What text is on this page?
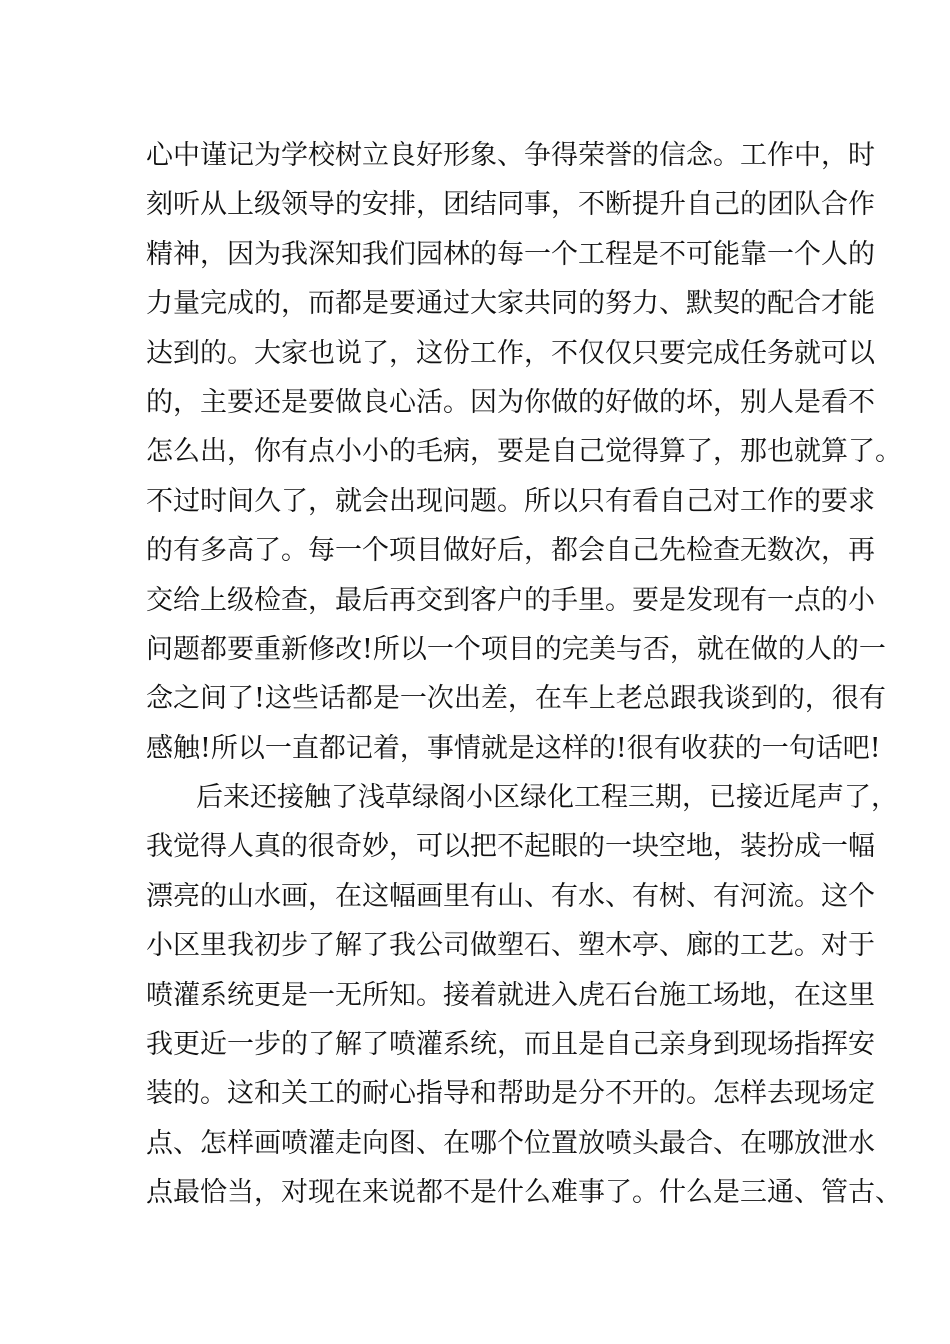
心中谨记为学校树立良好形象、争得荣誉的信念。工作中，时
刻听从上级领导的安排，团结同事，不断提升自己的团队合作
精神，因为我深知我们园林的每一个工程是不可能靠一个人的
力量完成的，而都是要通过大家共同的努力、默契的配合才能
达到的。大家也说了，这份工作，不仅仅只要完成任务就可以
的，主要还是要做良心活。因为你做的好做的坏，别人是看不
怎么出，你有点小小的毛病，要是自己觉得算了，那也就算了。
不过时间久了，就会出现问题。所以只有看自己对工作的要求
的有多高了。每一个项目做好后，都会自己先检查无数次，再
交给上级检查，最后再交到客户的手里。要是发现有一点的小
问题都要重新修改!所以一个项目的完美与否，就在做的人的一
念之间了!这些话都是一次出差，在车上老总跟我谈到的，很有
感触!所以一直都记着，事情就是这样的!很有收获的一句话吧!
后来还接触了浅草绿阁小区绿化工程三期，已接近尾声了，
我觉得人真的很奇妙，可以把不起眼的一块空地，装扮成一幅
漂亮的山水画，在这幅画里有山、有水、有树、有河流。这个
小区里我初步了解了我公司做塑石、塑木亭、廊的工艺。对于
喷灌系统更是一无所知。接着就进入虎石台施工场地，在这里
我更近一步的了解了喷灌系统，而且是自己亲身到现场指挥安
装的。这和关工的耐心指导和帮助是分不开的。怎样去现场定
点、怎样画喷灌走向图、在哪个位置放喷头最合、在哪放泄水
点最恰当，对现在来说都不是什么难事了。什么是三通、管古、
